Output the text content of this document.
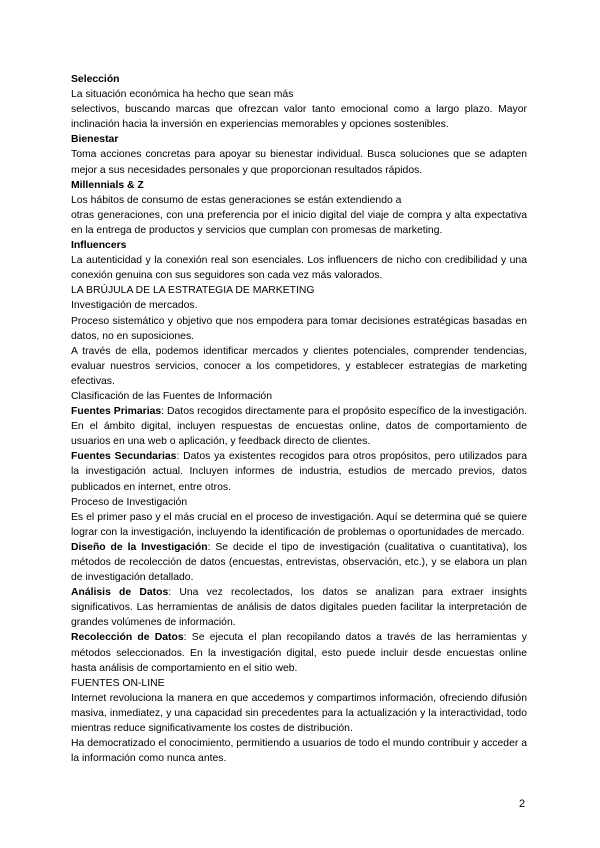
Selección

La situación económica ha hecho que sean más

selectivos, buscando marcas que ofrezcan valor tanto emocional como a largo plazo. Mayor inclinación hacia la inversión en experiencias memorables y opciones sostenibles.

Bienestar

Toma acciones concretas para apoyar su bienestar individual. Busca soluciones que se adapten mejor a sus necesidades personales y que proporcionan resultados rápidos.

Millennials & Z

Los hábitos de consumo de estas generaciones se están extendiendo a

otras generaciones, con una preferencia por el inicio digital del viaje de compra y alta expectativa en la entrega de productos y servicios que cumplan con promesas de marketing.

Influencers

La autenticidad y la conexión real son esenciales. Los influencers de nicho con credibilidad y una conexión genuina con sus seguidores son cada vez más valorados.

LA BRÚJULA DE LA ESTRATEGIA DE MARKETING

Investigación de mercados.

Proceso sistemático y objetivo que nos empodera para tomar decisiones estratégicas basadas en datos, no en suposiciones.

A través de ella, podemos identificar mercados y clientes potenciales, comprender tendencias, evaluar nuestros servicios, conocer a los competidores, y establecer estrategias de marketing efectivas.

Clasificación de las Fuentes de Información

Fuentes Primarias: Datos recogidos directamente para el propósito específico de la investigación. En el ámbito digital, incluyen respuestas de encuestas online, datos de comportamiento de usuarios en una web o aplicación, y feedback directo de clientes.

Fuentes Secundarias: Datos ya existentes recogidos para otros propósitos, pero utilizados para la investigación actual. Incluyen informes de industria, estudios de mercado previos, datos publicados en internet, entre otros.

Proceso de Investigación

Es el primer paso y el más crucial en el proceso de investigación. Aquí se determina qué se quiere lograr con la investigación, incluyendo la identificación de problemas o oportunidades de mercado.

Diseño de la Investigación: Se decide el tipo de investigación (cualitativa o cuantitativa), los métodos de recolección de datos (encuestas, entrevistas, observación, etc.), y se elabora un plan de investigación detallado.

Análisis de Datos: Una vez recolectados, los datos se analizan para extraer insights significativos. Las herramientas de análisis de datos digitales pueden facilitar la interpretación de grandes volúmenes de información.

Recolección de Datos: Se ejecuta el plan recopilando datos a través de las herramientas y métodos seleccionados. En la investigación digital, esto puede incluir desde encuestas online hasta análisis de comportamiento en el sitio web.

FUENTES ON-LINE

Internet revoluciona la manera en que accedemos y compartimos información, ofreciendo difusión masiva, inmediatez, y una capacidad sin precedentes para la actualización y la interactividad, todo mientras reduce significativamente los costes de distribución.

Ha democratizado el conocimiento, permitiendo a usuarios de todo el mundo contribuir y acceder a la información como nunca antes.

2
